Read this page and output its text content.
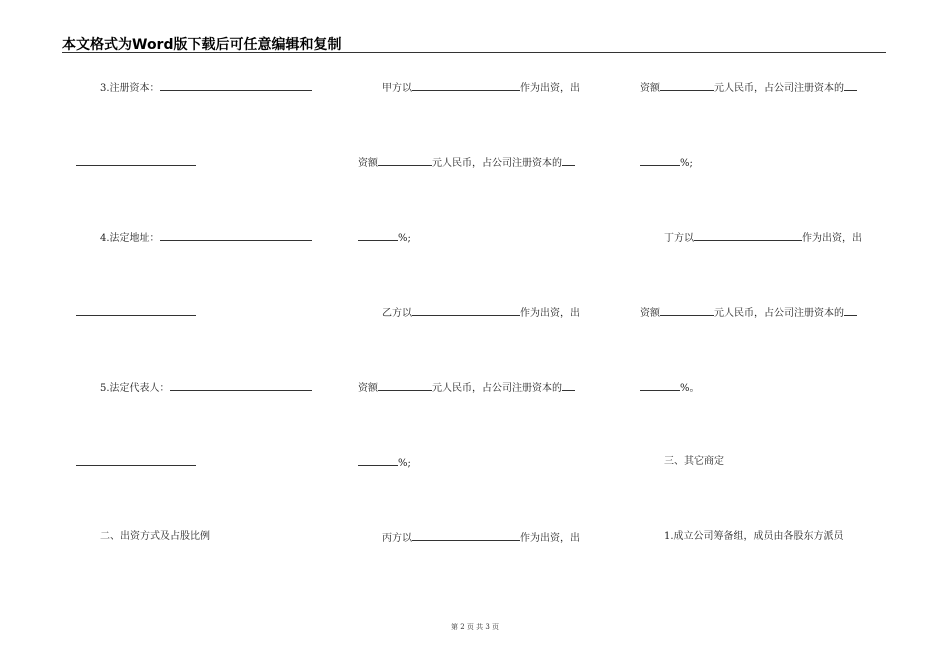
本文格式为Word版下载后可任意编辑和复制
3.注册资本：
4.法定地址：
5.法定代表人：
二、出资方式及占股比例
甲方以	作为出资，出
资额	元人民币，占公司注册资本的
%;
乙方以	作为出资，出
资额	元人民币，占公司注册资本的
%;
丙方以	作为出资，出
资额	元人民币，占公司注册资本的
%;
丁方以	作为出资，出
资额	元人民币，占公司注册资本的
%。
三、其它商定
1.成立公司筹备组，成员由各股东方派员
第 2 页 共 3 页
